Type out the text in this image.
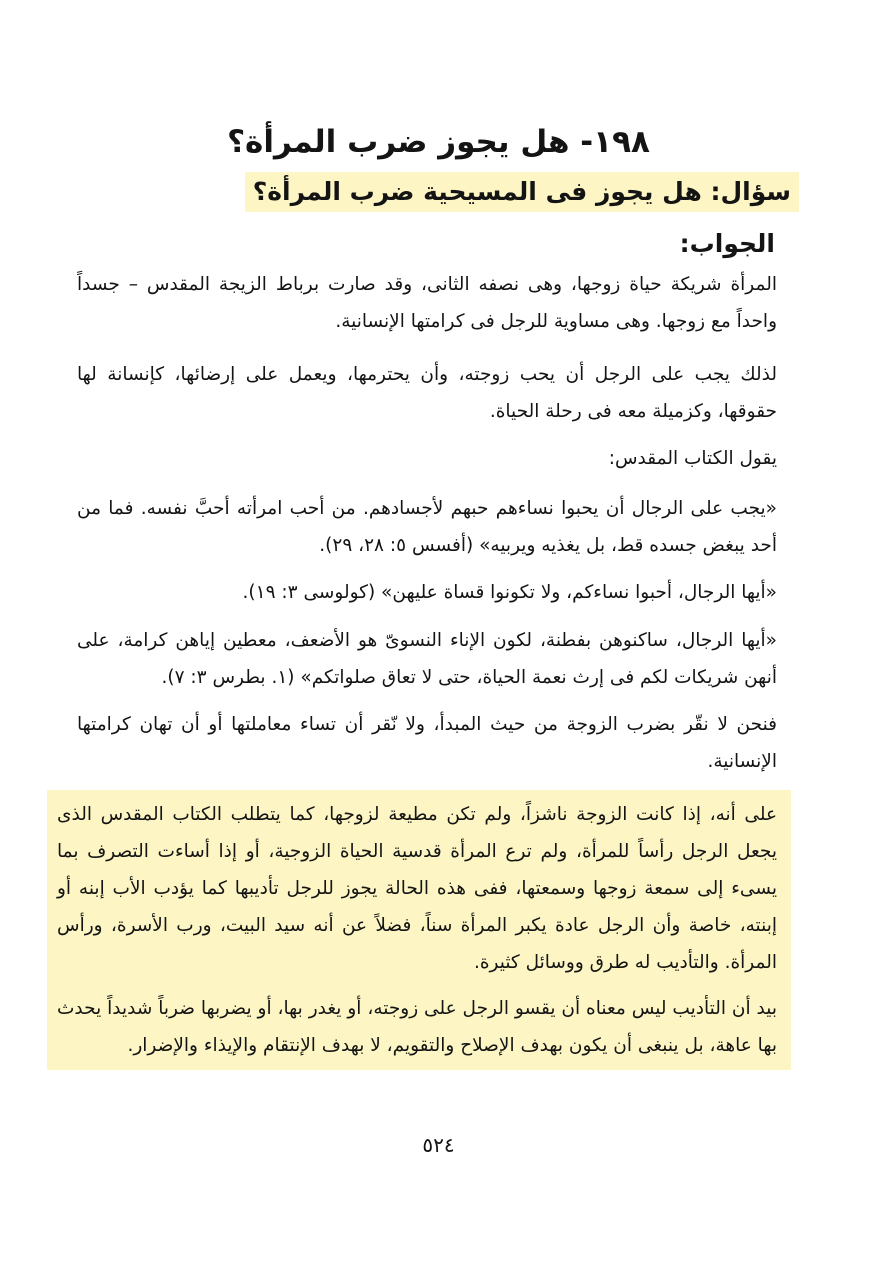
١٩٨- هل يجوز ضرب المرأة؟
سؤال: هل يجوز فى المسيحية ضرب المرأة؟
الجواب:

المرأة شريكة حياة زوجها، وهى نصفه الثانى، وقد صارت برباط الزيجة المقدس – جسداً واحداً مع زوجها. وهى مساوية للرجل فى كرامتها الإنسانية.

لذلك يجب على الرجل أن يحب زوجته، وأن يحترمها، ويعمل على إرضائها، كإنسانة لها حقوقها، وكزميلة معه فى رحلة الحياة.

يقول الكتاب المقدس:

«يجب على الرجال أن يحبوا نساءهم حبهم لأجسادهم. من أحب امرأته أحبَّ نفسه. فما من أحد يبغض جسده قط، بل يغذيه ويربيه» (أفسس ٥: ٢٨، ٢٩).

«أيها الرجال، أحبوا نساءكم، ولا تكونوا قساة عليهن» (كولوسى ٣: ١٩).

«أيها الرجال، ساكنوهن بفطنة، لكون الإناء النسوىّ هو الأضعف، معطين إياهن كرامة، على أنهن شريكات لكم فى إرث نعمة الحياة، حتى لا تعاق صلواتكم» (١. بطرس ٣: ٧).

فنحن لا نقّر بضرب الزوجة من حيث المبدأ، ولا نّقر أن تساء معاملتها أو أن تهان كرامتها الإنسانية.

على أنه، إذا كانت الزوجة ناشزاً، ولم تكن مطيعة لزوجها، كما يتطلب الكتاب المقدس الذى يجعل الرجل رأساً للمرأة، ولم ترع المرأة قدسية الحياة الزوجية، أو إذا أساءت التصرف بما يسىء إلى سمعة زوجها وسمعتها، ففى هذه الحالة يجوز للرجل تأديبها كما يؤدب الأب إبنه أو إبنته، خاصة وأن الرجل عادة يكبر المرأة سناً، فضلاً عن أنه سيد البيت، ورب الأسرة، ورأس المرأة. والتأديب له طرق ووسائل كثيرة.

بيد أن التأديب ليس معناه أن يقسو الرجل على زوجته، أو يغدر بها، أو يضربها ضرباً شديداً يحدث بها عاهة، بل ينبغى أن يكون بهدف الإصلاح والتقويم، لا بهدف الإنتقام والإيذاء والإضرار.

٥٢٤
